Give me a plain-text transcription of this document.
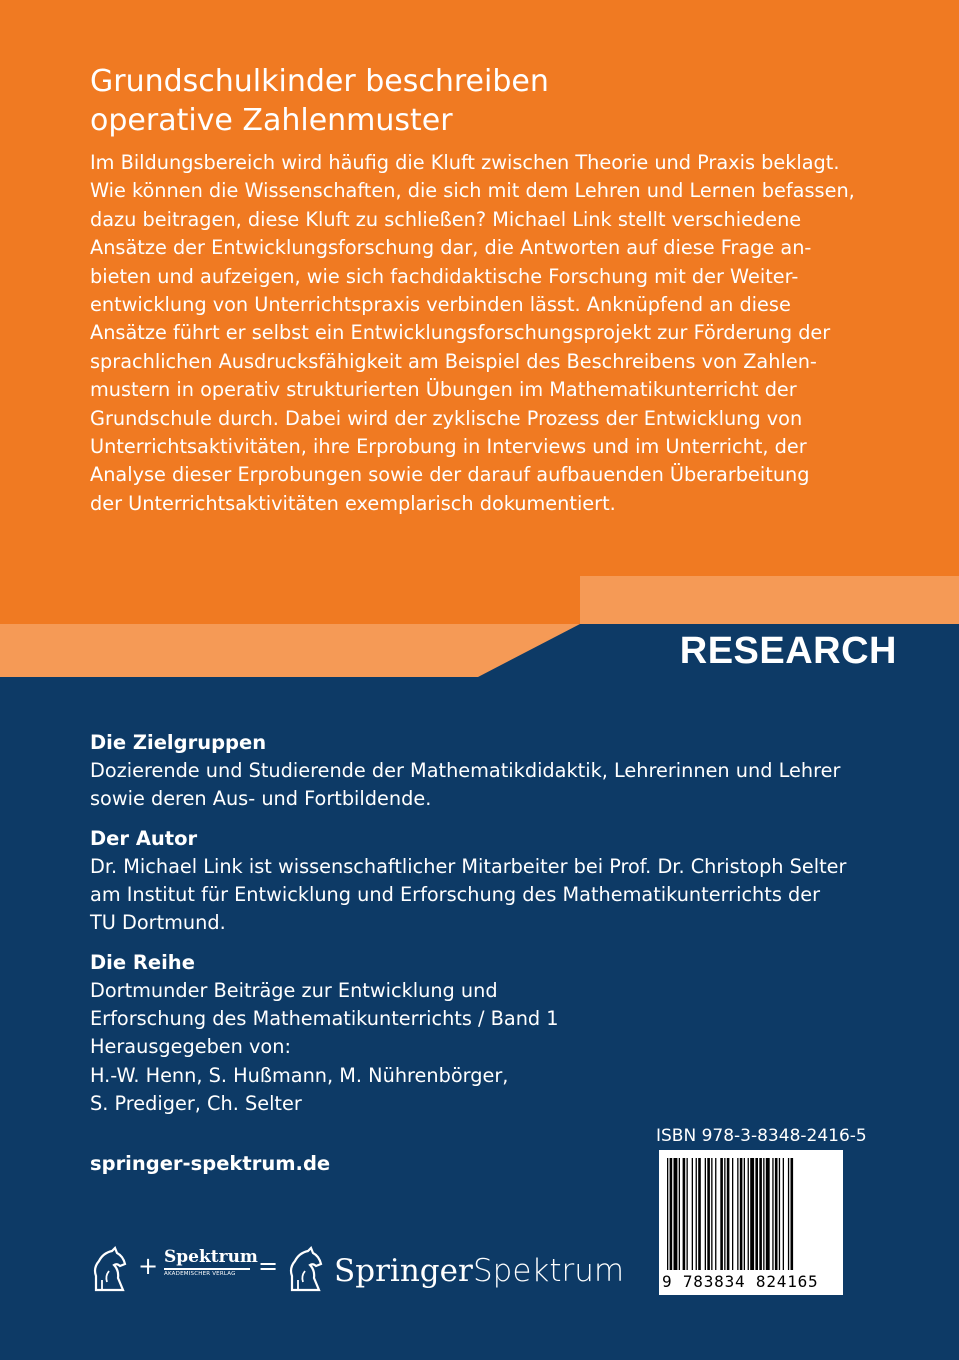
Grundschulkinder beschreiben
operative Zahlenmuster
Im Bildungsbereich wird häufig die Kluft zwischen Theorie und Praxis beklagt.
Wie können die Wissenschaften, die sich mit dem Lehren und Lernen befassen,
dazu beitragen, diese Kluft zu schließen? Michael Link stellt verschiedene
Ansätze der Entwicklungsforschung dar, die Antworten auf diese Frage an-
bieten und aufzeigen, wie sich fachdidaktische Forschung mit der Weiter-
entwicklung von Unterrichtspraxis verbinden lässt. Anknüpfend an diese
Ansätze führt er selbst ein Entwicklungsforschungsprojekt zur Förderung der
sprachlichen Ausdrucksfähigkeit am Beispiel des Beschreibens von Zahlen-
mustern in operativ strukturierten Übungen im Mathematikunterricht der
Grundschule durch. Dabei wird der zyklische Prozess der Entwicklung von
Unterrichtsaktivitäten, ihre Erprobung in Interviews und im Unterricht, der
Analyse dieser Erprobungen sowie der darauf aufbauenden Überarbeitung
der Unterrichtsaktivitäten exemplarisch dokumentiert.
RESEARCH
Die Zielgruppen
Dozierende und Studierende der Mathematikdidaktik, Lehrerinnen und Lehrer
sowie deren Aus- und Fortbildende.
Der Autor
Dr. Michael Link ist wissenschaftlicher Mitarbeiter bei Prof. Dr. Christoph Selter
am Institut für Entwicklung und Erforschung des Mathematikunterrichts der
TU Dortmund.
Die Reihe
Dortmunder Beiträge zur Entwicklung und
Erforschung des Mathematikunterrichts / Band 1
Herausgegeben von:
H.-W. Henn, S. Hußmann, M. Nührenbörger,
S. Prediger, Ch. Selter
springer-spektrum.de
ISBN 978-3-8348-2416-5
9 783834 824165
+ Spektrum
AKADEMISCHER VERLAG = Springer Spektrum
